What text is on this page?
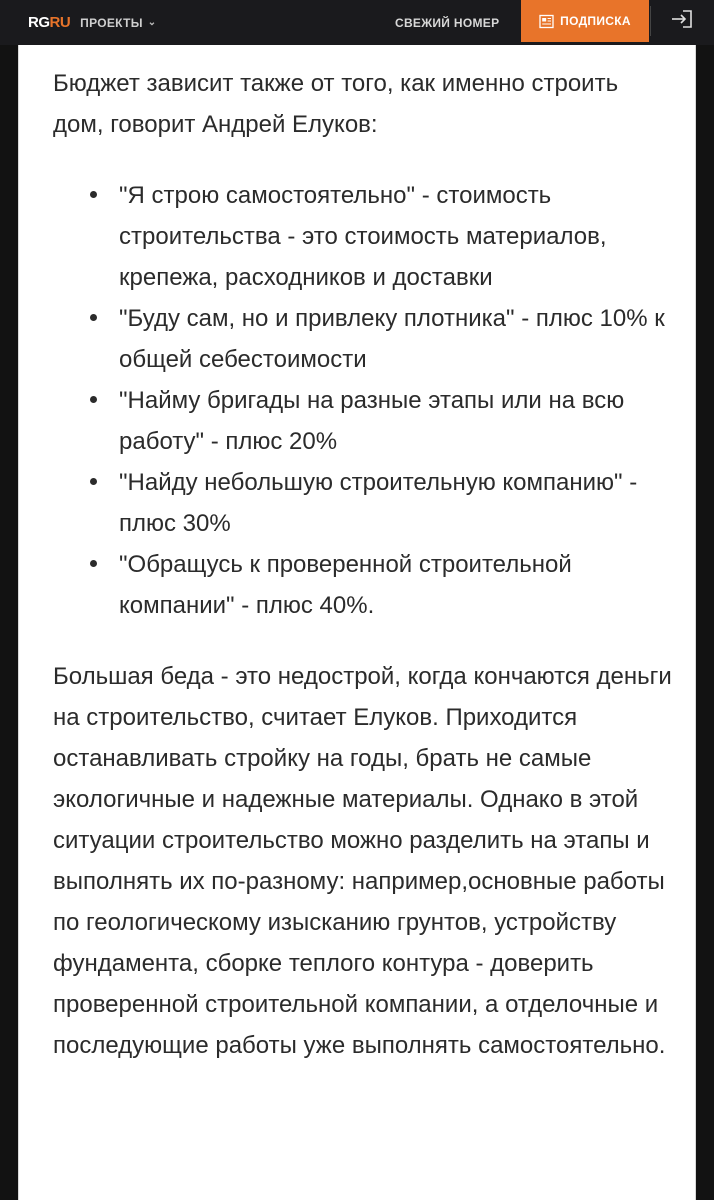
RG RU ПРОЕКТЫ ⌄	СВЕЖИЙ НОМЕР	ПОДПИСКА

Бюджет зависит также от того, как именно строить дом, говорит Андрей Елуков:

"Я строю самостоятельно" - стоимость строительства - это стоимость материалов, крепежа, расходников и доставки
"Буду сам, но и привлеку плотника" - плюс 10% к общей себестоимости
"Найму бригады на разные этапы или на всю работу" - плюс 20%
"Найду небольшую строительную компанию" - плюс 30%
"Обращусь к проверенной строительной компании" - плюс 40%.

Большая беда - это недострой, когда кончаются деньги на строительство, считает Елуков. Приходится останавливать стройку на годы, брать не самые экологичные и надежные материалы. Однако в этой ситуации строительство можно разделить на этапы и выполнять их по-разному: например,основные работы по геологическому изысканию грунтов, устройству фундамента, сборке теплого контура - доверить проверенной строительной компании, а отделочные и последующие работы уже выполнять самостоятельно.
